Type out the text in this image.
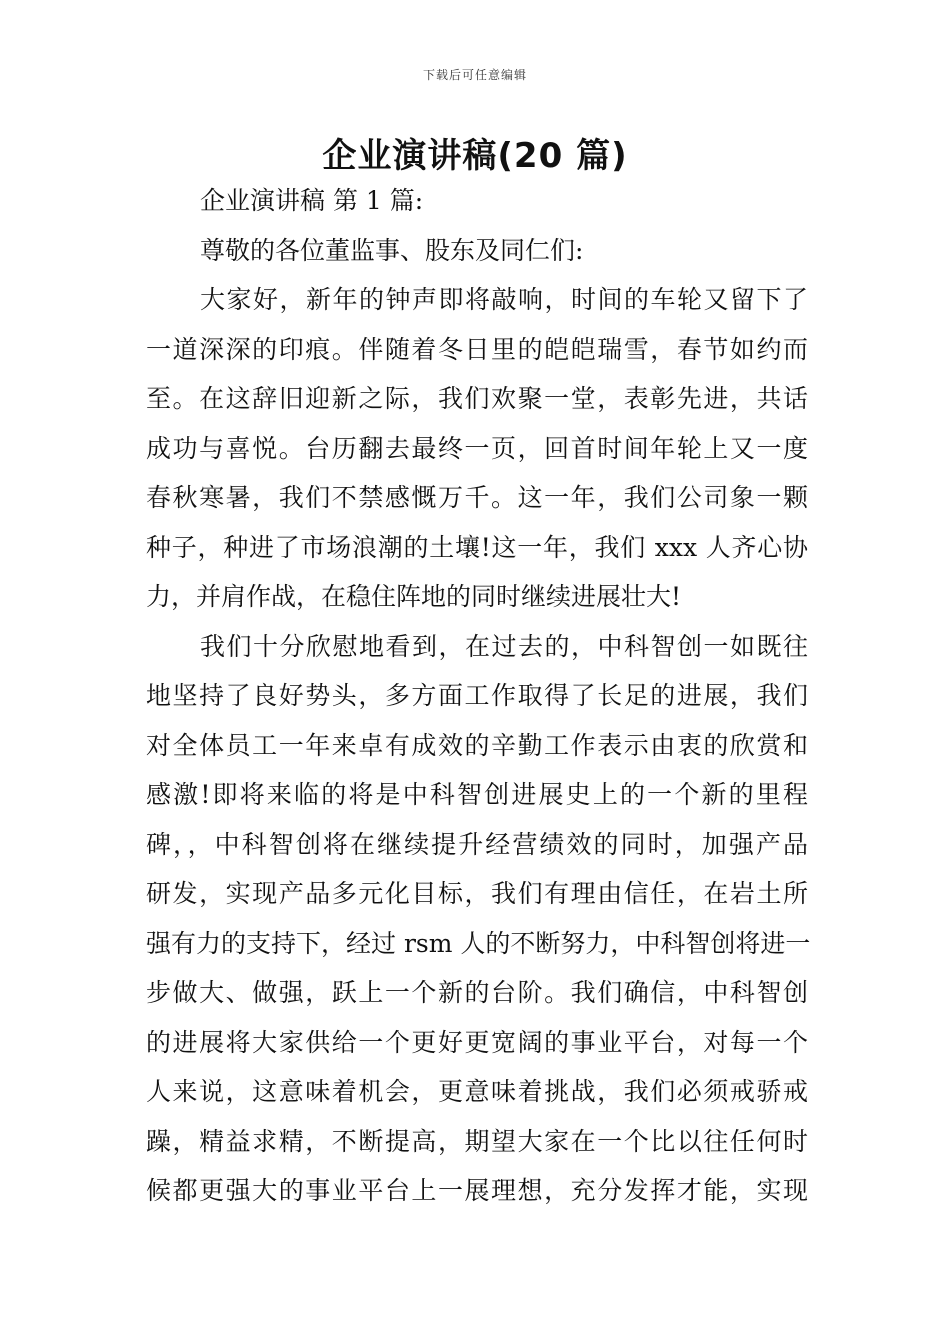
下载后可任意编辑
企业演讲稿(20 篇)
企业演讲稿 第 1 篇:
尊敬的各位董监事、股东及同仁们:
大家好，新年的钟声即将敲响，时间的车轮又留下了
一道深深的印痕。伴随着冬日里的皑皑瑞雪，春节如约而
至。在这辞旧迎新之际，我们欢聚一堂，表彰先进，共话
成功与喜悦。台历翻去最终一页，回首时间年轮上又一度
春秋寒暑，我们不禁感慨万千。这一年，我们公司象一颗
种子，种进了市场浪潮的土壤!这一年，我们 xxx 人齐心协
力，并肩作战，在稳住阵地的同时继续进展壮大!
我们十分欣慰地看到，在过去的，中科智创一如既往
地坚持了良好势头，多方面工作取得了长足的进展，我们
对全体员工一年来卓有成效的辛勤工作表示由衷的欣赏和
感激!即将来临的将是中科智创进展史上的一个新的里程
碑，，中科智创将在继续提升经营绩效的同时，加强产品
研发，实现产品多元化目标，我们有理由信任，在岩土所
强有力的支持下，经过 rsm 人的不断努力，中科智创将进一
步做大、做强，跃上一个新的台阶。我们确信，中科智创
的进展将大家供给一个更好更宽阔的事业平台，对每一个
人来说，这意味着机会，更意味着挑战，我们必须戒骄戒
躁，精益求精，不断提高，期望大家在一个比以往任何时
候都更强大的事业平台上一展理想，充分发挥才能，实现
